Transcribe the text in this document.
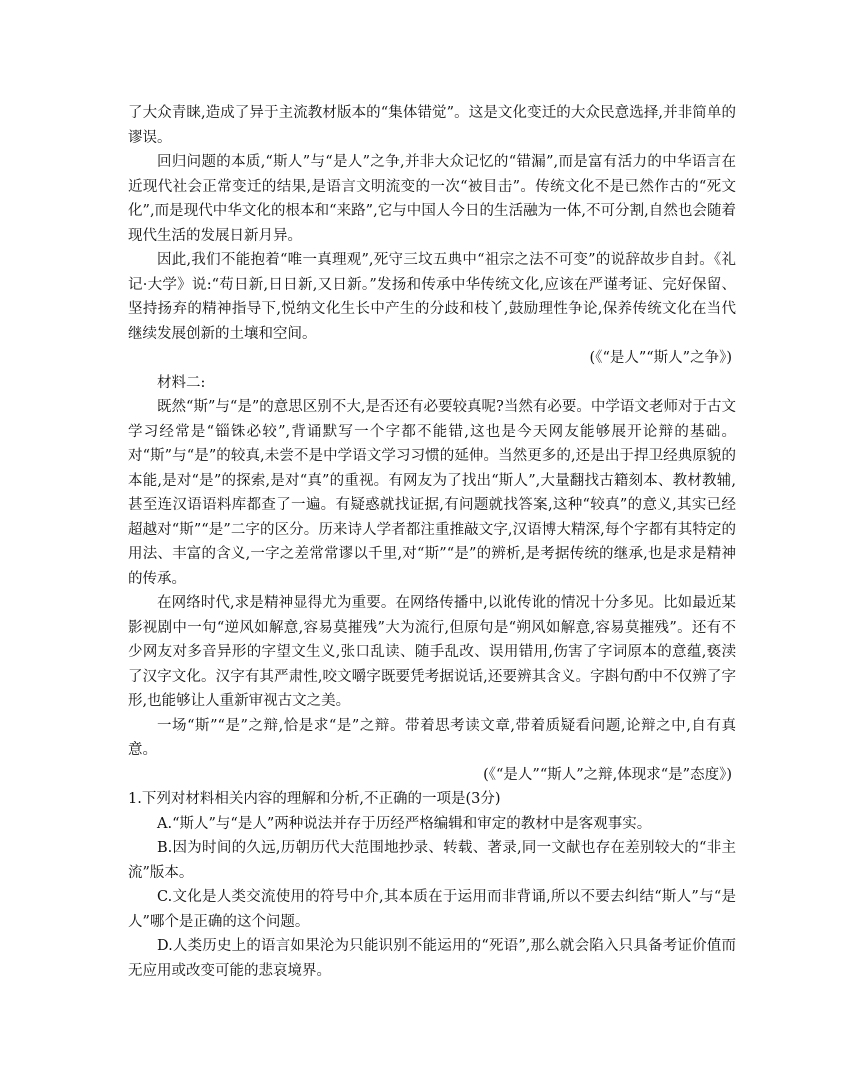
了大众青睐,造成了异于主流教材版本的“集体错觉”。这是文化变迁的大众民意选择,并非简单的谬误。

回归问题的本质,“斯人”与“是人”之争,并非大众记忆的“错漏”,而是富有活力的中华语言在近现代社会正常变迁的结果,是语言文明流变的一次“被目击”。传统文化不是已然作古的“死文化”,而是现代中华文化的根本和“来路”,它与中国人今日的生活融为一体,不可分割,自然也会随着现代生活的发展日新月异。

因此,我们不能抱着“唯一真理观”,死守三坟五典中“祖宗之法不可变”的说辞故步自封。《礼记·大学》说:“苟日新,日日新,又日新。”发扬和传承中华传统文化,应该在严谨考证、完好保留、坚持扬弃的精神指导下,悦纳文化生长中产生的分歧和枝丫,鼓励理性争论,保养传统文化在当代继续发展创新的土壤和空间。

(《“是人”“斯人”之争》)

材料二:

既然“斯”与“是”的意思区别不大,是否还有必要较真呢?当然有必要。中学语文老师对于古文学习经常是“锱铢必较”,背诵默写一个字都不能错,这也是今天网友能够展开论辩的基础。对“斯”与“是”的较真,未尝不是中学语文学习习惯的延伸。当然更多的,还是出于捍卫经典原貌的本能,是对“是”的探索,是对“真”的重视。有网友为了找出“斯人”,大量翻找古籍刻本、教材教辅,甚至连汉语语料库都查了一遍。有疑惑就找证据,有问题就找答案,这种“较真”的意义,其实已经超越对“斯”“是”二字的区分。历来诗人学者都注重推敲文字,汉语博大精深,每个字都有其特定的用法、丰富的含义,一字之差常常谬以千里,对“斯”“是”的辨析,是考据传统的继承,也是求是精神的传承。

在网络时代,求是精神显得尤为重要。在网络传播中,以讹传讹的情况十分多见。比如最近某影视剧中一句“逆风如解意,容易莫摧残”大为流行,但原句是“朔风如解意,容易莫摧残”。还有不少网友对多音异形的字望文生义,张口乱读、随手乱改、误用错用,伤害了字词原本的意蕴,亵渎了汉字文化。汉字有其严肃性,咬文嚼字既要凭考据说话,还要辨其含义。字斟句酌中不仅辨了字形,也能够让人重新审视古文之美。

一场“斯”“是”之辩,恰是求“是”之辩。带着思考读文章,带着质疑看问题,论辩之中,自有真意。

(《“是人”“斯人”之辩,体现求“是”态度》)

1.下列对材料相关内容的理解和分析,不正确的一项是(3分)

A.“斯人”与“是人”两种说法并存于历经严格编辑和审定的教材中是客观事实。

B.因为时间的久远,历朝历代大范围地抄录、转载、著录,同一文献也存在差别较大的“非主流”版本。

C.文化是人类交流使用的符号中介,其本质在于运用而非背诵,所以不要去纠结“斯人”与“是人”哪个是正确的这个问题。

D.人类历史上的语言如果沦为只能识别不能运用的“死语”,那么就会陷入只具备考证价值而无应用或改变可能的悲哀境界。
